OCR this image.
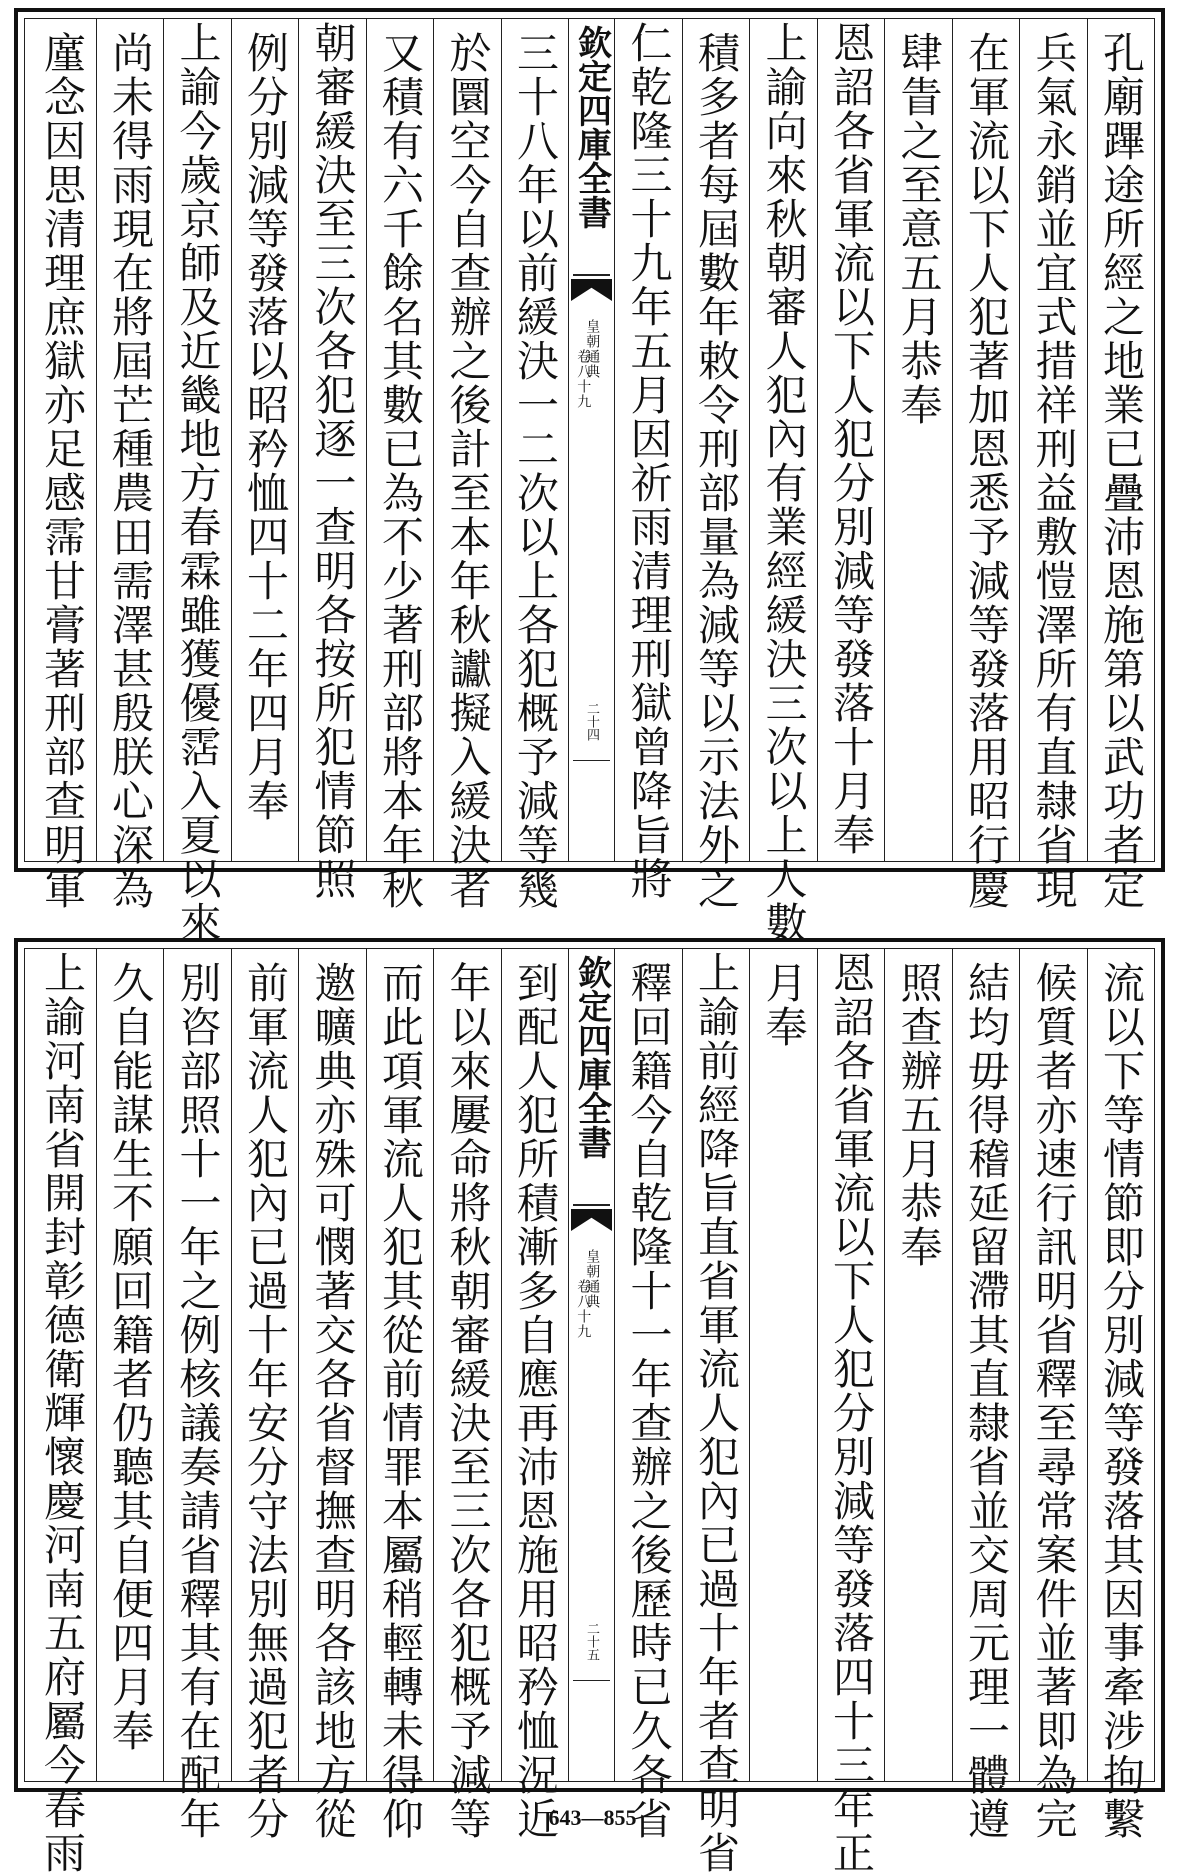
孔廟蹕途所經之地業已疊沛恩施第以武功者定
兵氣永銷並宜式措祥刑益敷愷澤所有直隸省現
在軍流以下人犯著加恩悉予減等發落用昭行慶
肆眚之至意五月恭奉
恩詔各省軍流以下人犯分別減等發落十月奉
上諭向來秋朝審人犯內有業經緩決三次以上人數
積多者每屆數年敕令刑部量為減等以示法外之
仁乾隆三十九年五月因祈雨清理刑獄曾降旨將
欽定四庫全書
皇朝通典
卷八十九
二十四
三十八年以前緩決一二次以上各犯概予減等幾
於圜空今自查辦之後計至本年秋讞擬入緩決者
又積有六千餘名其數已為不少著刑部將本年秋
朝審緩決至三次各犯逐一查明各按所犯情節照
例分別減等發落以昭矜恤四十二年四月奉
上諭今歲京師及近畿地方春霖雖獲優霑入夏以來
尚未得雨現在將屆芒種農田需澤甚殷朕心深為
廑念因思清理庶獄亦足感霈甘膏著刑部查明軍
流以下等情節即分別減等發落其因事牽涉拘繫
候質者亦速行訊明省釋至尋常案件並著即為完
結均毋得稽延留滯其直隸省並交周元理一體遵
照查辦五月恭奉
恩詔各省軍流以下人犯分別減等發落四十三年正
月奉
上諭前經降旨直省軍流人犯內已過十年者查明省
釋回籍今自乾隆十一年查辦之後歷時已久各省
欽定四庫全書
皇朝通典
卷八十九
二十五
到配人犯所積漸多自應再沛恩施用昭矜恤況近
年以來屢命將秋朝審緩決至三次各犯概予減等
而此項軍流人犯其從前情罪本屬稍輕轉未得仰
邀曠典亦殊可憫著交各省督撫查明各該地方從
前軍流人犯內已過十年安分守法別無過犯者分
別咨部照十一年之例核議奏請省釋其有在配年
久自能謀生不願回籍者仍聽其自便四月奉
上諭河南省開封彰德衛輝懷慶河南五府屬今春雨	643—855
